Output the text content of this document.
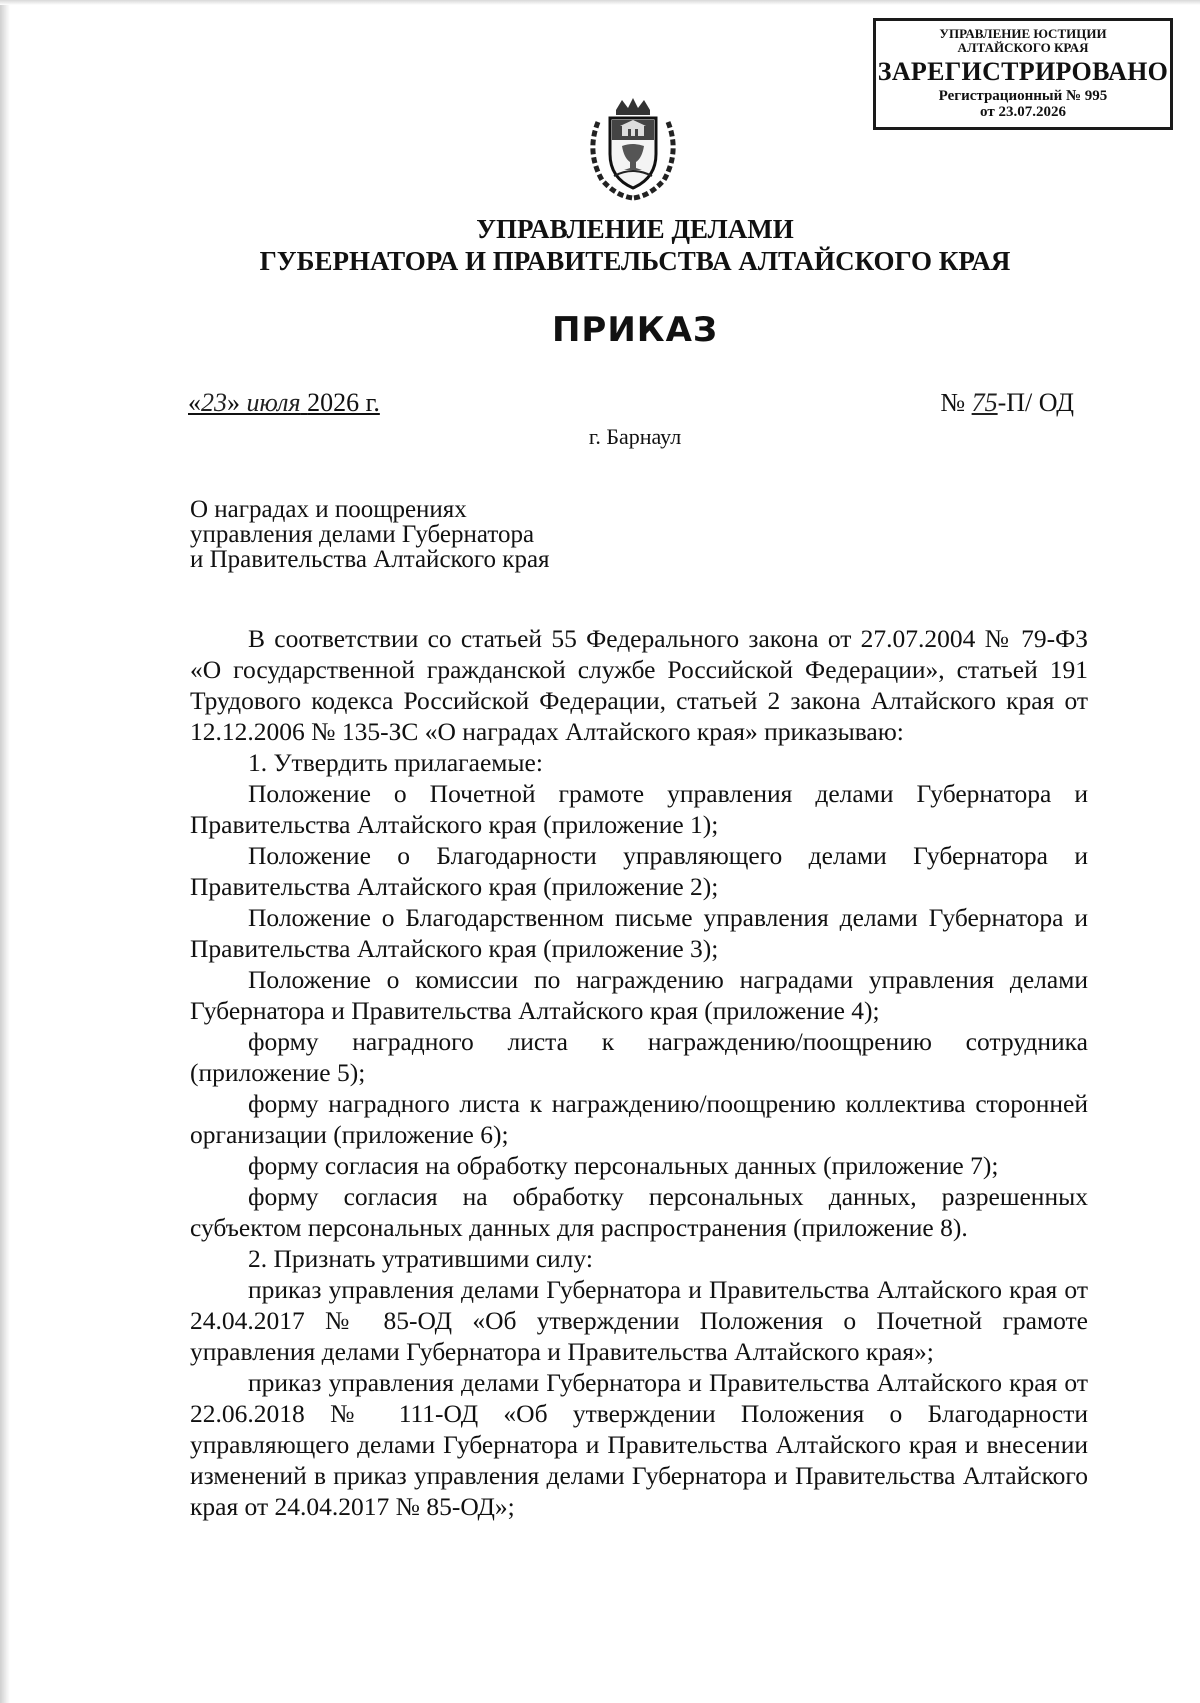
УПРАВЛЕНИЕ ЮСТИЦИИ
АЛТАЙСКОГО КРАЯ
ЗАРЕГИСТРИРОВАНО
Регистрационный № 995
от 23.07.2026
УПРАВЛЕНИЕ ДЕЛАМИ
ГУБЕРНАТОРА И ПРАВИТЕЛЬСТВА АЛТАЙСКОГО КРАЯ
ПРИКАЗ
«23» июля 2026 г.	№ 75-П/ ОД
г. Барнаул
О наградах и поощрениях
управления делами Губернатора
и Правительства Алтайского края

В соответствии со статьей 55 Федерального закона от 27.07.2004 № 79-ФЗ «О государственной гражданской службе Российской Федерации», статьей 191 Трудового кодекса Российской Федерации, статьей 2 закона Алтайского края от 12.12.2006 № 135-ЗС «О наградах Алтайского края» приказываю:

1. Утвердить прилагаемые:

Положение о Почетной грамоте управления делами Губернатора и Правительства Алтайского края (приложение 1);

Положение о Благодарности управляющего делами Губернатора и Правительства Алтайского края (приложение 2);

Положение о Благодарственном письме управления делами Губернатора и Правительства Алтайского края (приложение 3);

Положение о комиссии по награждению наградами управления делами Губернатора и Правительства Алтайского края (приложение 4);

форму наградного листа к награждению/поощрению сотрудника (приложение 5);

форму наградного листа к награждению/поощрению коллектива сторонней организации (приложение 6);

форму согласия на обработку персональных данных (приложение 7);

форму согласия на обработку персональных данных, разрешенных субъектом персональных данных для распространения (приложение 8).

2. Признать утратившими силу:

приказ управления делами Губернатора и Правительства Алтайского края от 24.04.2017 № 85-ОД «Об утверждении Положения о Почетной грамоте управления делами Губернатора и Правительства Алтайского края»;

приказ управления делами Губернатора и Правительства Алтайского края от 22.06.2018 № 111-ОД «Об утверждении Положения о Благодарности управляющего делами Губернатора и Правительства Алтайского края и внесении изменений в приказ управления делами Губернатора и Правительства Алтайского края от 24.04.2017 № 85-ОД»;
